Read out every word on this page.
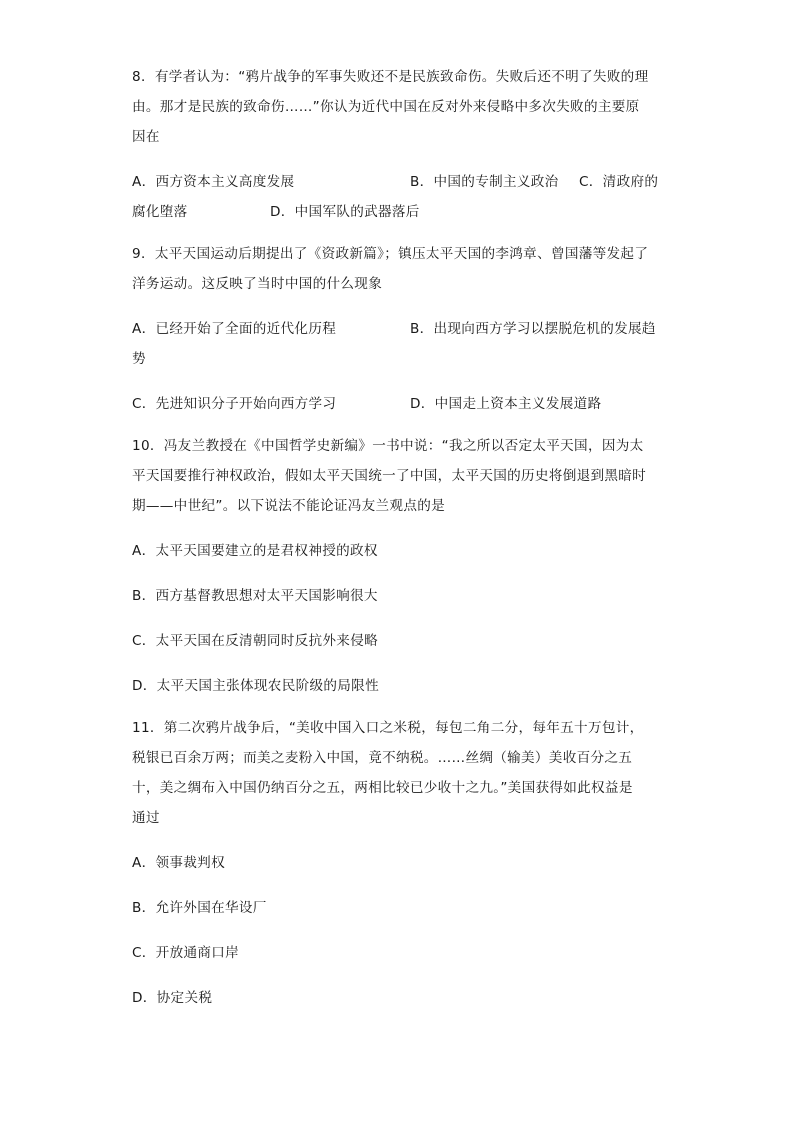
8．有学者认为：“鸦片战争的军事失败还不是民族致命伤。失败后还不明了失败的理
由。那才是民族的致命伤……”你认为近代中国在反对外来侵略中多次失败的主要原
因在
A．西方资本主义高度发展	B．中国的专制主义政治 C．清政府的
腐化堕落	D．中国军队的武器落后
9．太平天国运动后期提出了《资政新篇》；镇压太平天国的李鸿章、曾国藩等发起了
洋务运动。这反映了当时中国的什么现象
A．已经开始了全面的近代化历程	B．出现向西方学习以摆脱危机的发展趋
势
C．先进知识分子开始向西方学习	D．中国走上资本主义发展道路
10．冯友兰教授在《中国哲学史新编》一书中说：“我之所以否定太平天国，因为太
平天国要推行神权政治，假如太平天国统一了中国，太平天国的历史将倒退到黑暗时
期——中世纪”。以下说法不能论证冯友兰观点的是
A．太平天国要建立的是君权神授的政权
B．西方基督教思想对太平天国影响很大
C．太平天国在反清朝同时反抗外来侵略
D．太平天国主张体现农民阶级的局限性
11．第二次鸦片战争后，“美收中国入口之米税，每包二角二分，每年五十万包计，
税银已百余万两；而美之麦粉入中国，竟不纳税。……丝绸（输美）美收百分之五
十，美之绸布入中国仍纳百分之五，两相比较已少收十之九。”美国获得如此权益是
通过
A．领事裁判权
B．允许外国在华设厂
C．开放通商口岸
D．协定关税
